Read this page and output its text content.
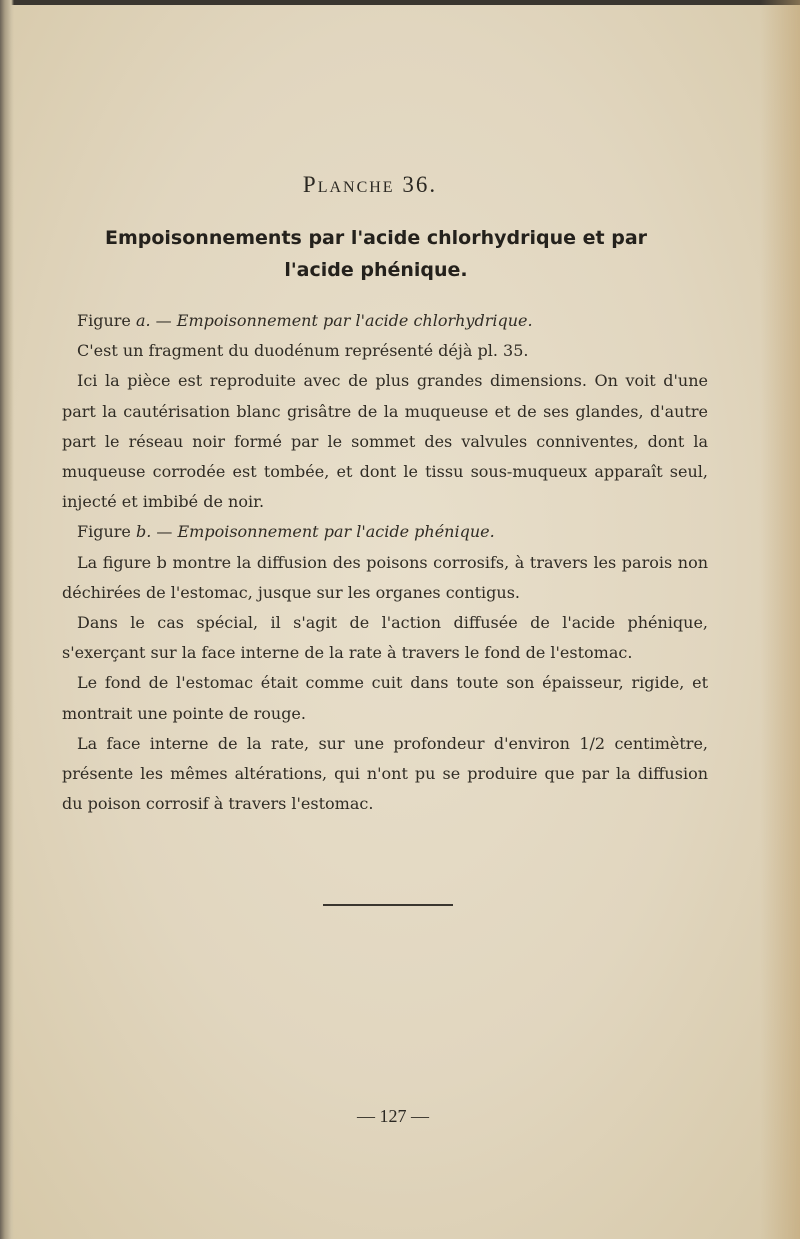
Planche 36.
Empoisonnements par l'acide chlorhydrique et par l'acide phénique.

Figure a. — Empoisonnement par l'acide chlorhydrique.

C'est un fragment du duodénum représenté déjà pl. 35.

Ici la pièce est reproduite avec de plus grandes dimensions. On voit d'une part la cautérisation blanc grisâtre de la muqueuse et de ses glandes, d'autre part le réseau noir formé par le sommet des valvules conniventes, dont la muqueuse corrodée est tombée, et dont le tissu sous-muqueux apparaît seul, injecté et imbibé de noir.

Figure b. — Empoisonnement par l'acide phénique.

La figure b montre la diffusion des poisons corrosifs, à travers les parois non déchirées de l'estomac, jusque sur les organes contigus.

Dans le cas spécial, il s'agit de l'action diffusée de l'acide phénique, s'exerçant sur la face interne de la rate à travers le fond de l'estomac.

Le fond de l'estomac était comme cuit dans toute son épaisseur, rigide, et montrait une pointe de rouge.

La face interne de la rate, sur une profondeur d'environ 1/2 centimètre, présente les mêmes altérations, qui n'ont pu se produire que par la diffusion du poison corrosif à travers l'estomac.

— 127 —
